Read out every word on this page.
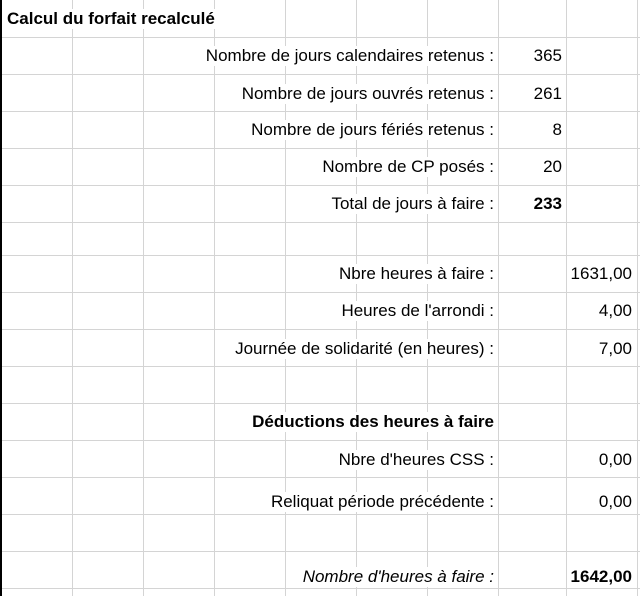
Calcul du forfait recalculé
Nombre de jours calendaires retenus : 365
Nombre de jours ouvrés retenus : 261
Nombre de jours fériés retenus :	8
Nombre de CP posés :	20
Total de jours à faire : 233
Nbre heures à faire :	1631,00
Heures de l'arrondi :	4,00
Journée de solidarité (en heures) :	7,00
Déductions des heures à faire
Nbre d'heures CSS :	0,00
Reliquat période précédente :	0,00
Nombre d'heures à faire :	1642,00
